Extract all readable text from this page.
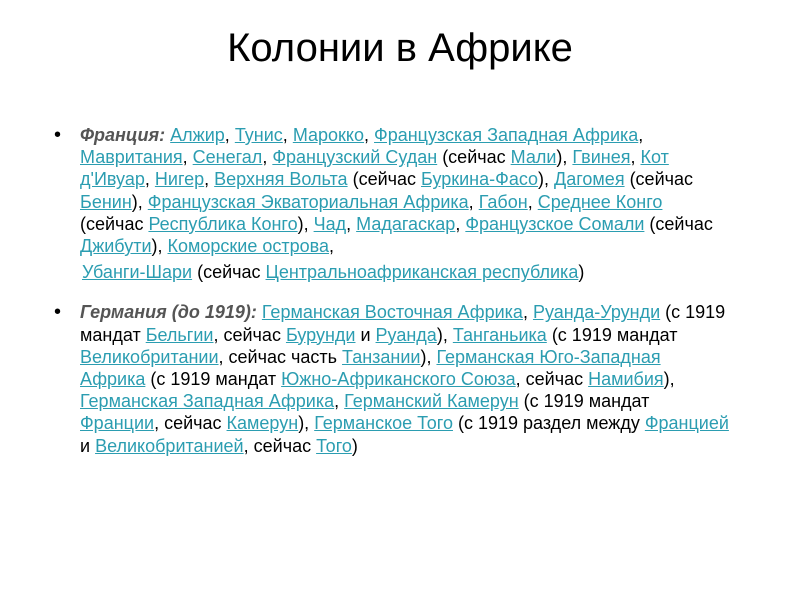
Колонии в Африке
• Франция: Алжир, Тунис, Марокко, Французская Западная Африка, Мавритания, Сенегал, Французский Судан (сейчас Мали), Гвинея, Кот д'Ивуар, Нигер, Верхняя Вольта (сейчас Буркина-Фасо), Дагомея (сейчас Бенин), Французская Экваториальная Африка, Габон, Среднее Конго (сейчас Республика Конго), Чад, Мадагаскар, Французское Сомали (сейчас Джибути), Коморские острова,
Убанги-Шари (сейчас Центральноафриканская республика)
• Германия (до 1919): Германская Восточная Африка, Руанда-Урунди (с 1919 мандат Бельгии, сейчас Бурунди и Руанда), Танганьика (с 1919 мандат Великобритании, сейчас часть Танзании), Германская Юго-Западная Африка (с 1919 мандат Южно-Африканского Союза, сейчас Намибия), Германская Западная Африка, Германский Камерун (с 1919 мандат Франции, сейчас Камерун), Германское Того (с 1919 раздел между Францией и Великобританией, сейчас Того)
